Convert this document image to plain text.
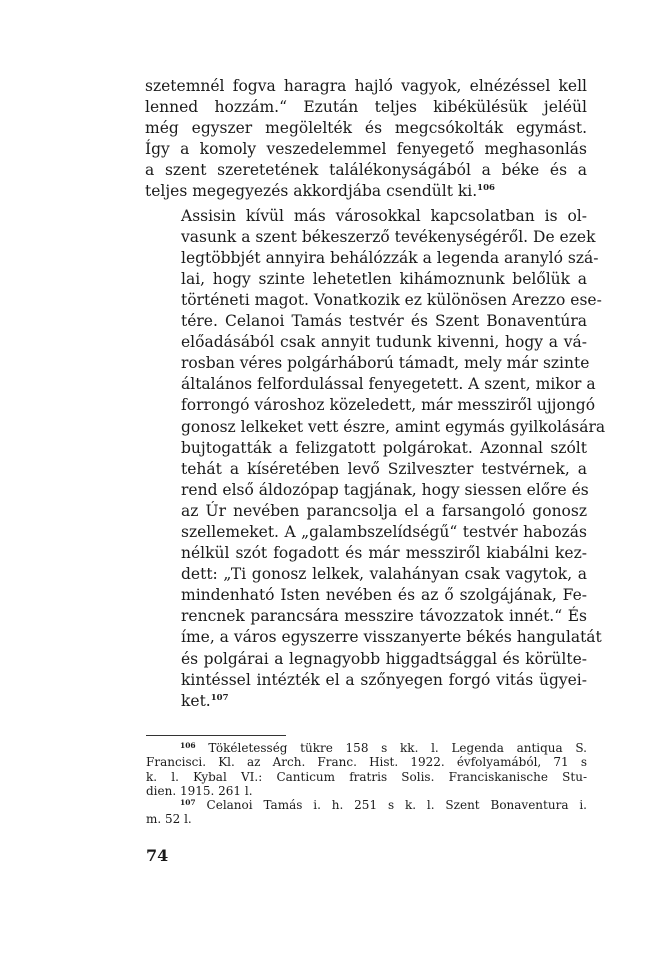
szetemnél fogva haragra hajló vagyok, elnézéssel kell
lenned hozzám.“ Ezután teljes kibékülésük jeléül
még egyszer megölelték és megcsókolták egymást.
Így a komoly veszedelemmel fenyegető meghasonlás
a szent szeretetének találékonyságából a béke és a
teljes megegyezés akkordjába csendült ki.$^{106}$

Assisin kívül más városokkal kapcsolatban is ol-
vasunk a szent békeszerző tevékenységéről. De ezek
legtöbbjét annyira behálózzák a legenda aranyló szá-
lai, hogy szinte lehetetlen kihámoznunk belőlük a
történeti magot. Vonatkozik ez különösen Arezzo ese-
tére. Celanoi Tamás testvér és Szent Bonaventúra
előadásából csak annyit tudunk kivenni, hogy a vá-
rosban véres polgárháború támadt, mely már szinte
általános felfordulással fenyegetett. A szent, mikor a
forrongó városhoz közeledett, már messziről ujjongó
gonosz lelkeket vett észre, amint egymás gyilkolására
bujtogatták a felizgatott polgárokat. Azonnal szólt
tehát a kíséretében levő Szilveszter testvérnek, a
rend első áldozópap tagjának, hogy siessen előre és
az Úr nevében parancsolja el a farsangoló gonosz
szellemeket. A „galambszelídségű“ testvér habozás
nélkül szót fogadott és már messziről kiabálni kez-
dett: „Ti gonosz lelkek, valahányan csak vagytok, a
mindenható Isten nevében és az ő szolgájának, Fe-
rencnek parancsára messzire távozzatok innét.“ És
íme, a város egyszerre visszanyerte békés hangulatát
és polgárai a legnagyobb higgadtsággal és körülte-
kintéssel intézték el a szőnyegen forgó vitás ügyei-
ket.$^{107}$

$^{106}$ Tökéletesség tükre 158 s kk. l. Legenda antiqua S.
Francisci. Kl. az Arch. Franc. Hist. 1922. évfolyamából, 71 s
k. l. Kybal VI.: Canticum fratris Solis. Franciskanische Stu-
dien. 1915. 261 l.
$^{107}$ Celanoi Tamás i. h. 251 s k. l. Szent Bonaventura i.
m. 52 l.
74
